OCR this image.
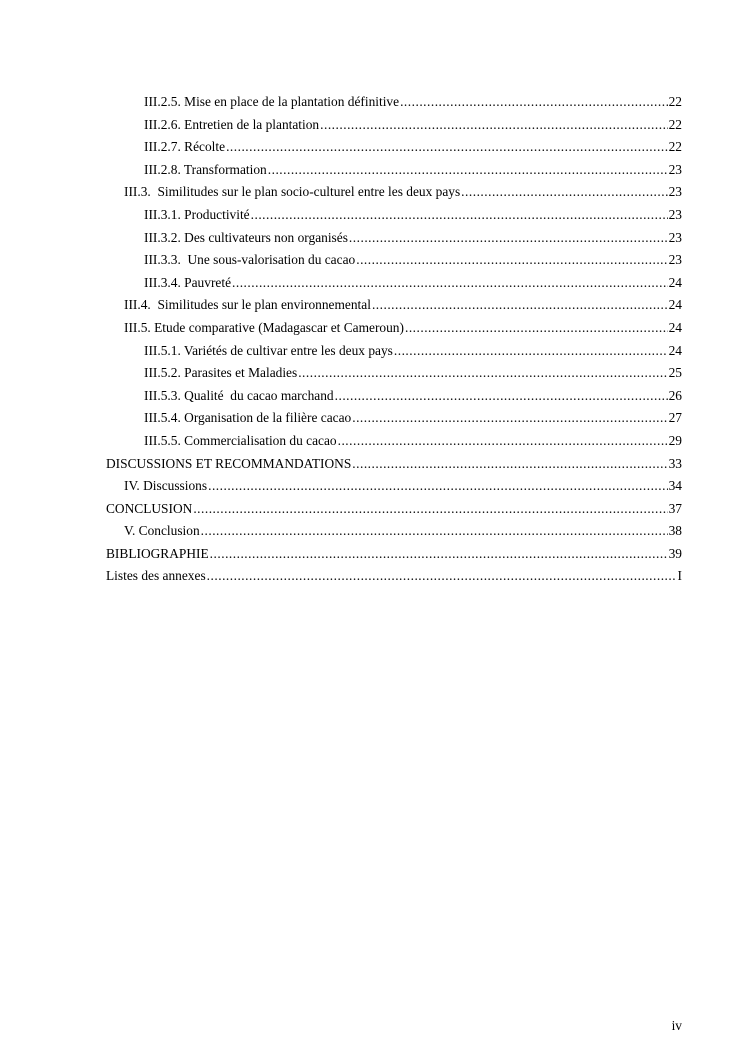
III.2.5. Mise en place de la plantation définitive .....	22
III.2.6. Entretien de la plantation .....	22
III.2.7. Récolte .....	22
III.2.8. Transformation .....	23
III.3.  Similitudes sur le plan socio-culturel entre les deux pays .....	23
III.3.1. Productivité .....	23
III.3.2. Des cultivateurs non organisés .....	23
III.3.3.  Une sous-valorisation du cacao .....	23
III.3.4. Pauvreté .....	24
III.4.  Similitudes sur le plan environnemental .....	24
III.5. Etude comparative (Madagascar et Cameroun) .....	24
III.5.1. Variétés de cultivar entre les deux pays .....	24
III.5.2. Parasites et Maladies .....	25
III.5.3. Qualité  du cacao marchand .....	26
III.5.4. Organisation de la filière cacao .....	27
III.5.5. Commercialisation du cacao .....	29
DISCUSSIONS ET RECOMMANDATIONS .....	33
IV. Discussions .....	34
CONCLUSION .....	37
V. Conclusion .....	38
BIBLIOGRAPHIE .....	39
Listes des annexes .....	I
iv
